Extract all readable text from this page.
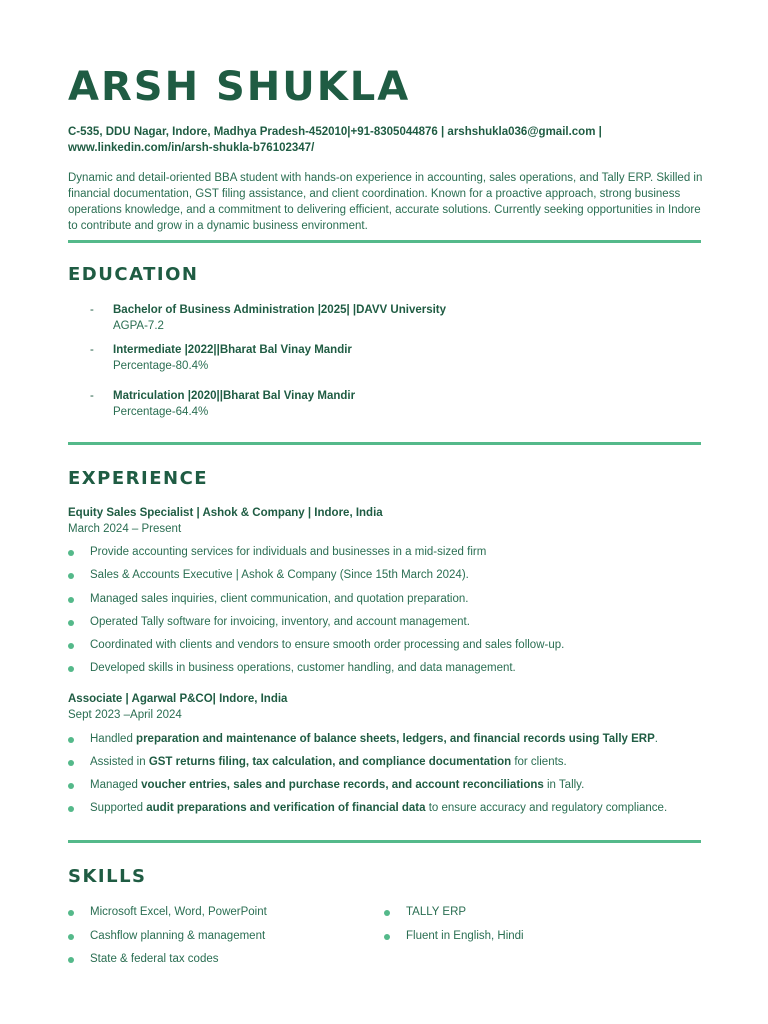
ARSH SHUKLA
C-535, DDU Nagar, Indore, Madhya Pradesh-452010|+91-8305044876 | arshshukla036@gmail.com |
www.linkedin.com/in/arsh-shukla-b76102347/
Dynamic and detail-oriented BBA student with hands-on experience in accounting, sales operations, and Tally ERP. Skilled in financial documentation, GST filing assistance, and client coordination. Known for a proactive approach, strong business operations knowledge, and a commitment to delivering efficient, accurate solutions. Currently seeking opportunities in Indore to contribute and grow in a dynamic business environment.
EDUCATION
- Bachelor of Business Administration |2025| |DAVV University
AGPA-7.2
- Intermediate |2022||Bharat Bal Vinay Mandir
Percentage-80.4%
- Matriculation |2020||Bharat Bal Vinay Mandir
Percentage-64.4%
EXPERIENCE
Equity Sales Specialist | Ashok & Company | Indore, India
March 2024 – Present
Provide accounting services for individuals and businesses in a mid-sized firm
Sales & Accounts Executive | Ashok & Company (Since 15th March 2024).
Managed sales inquiries, client communication, and quotation preparation.
Operated Tally software for invoicing, inventory, and account management.
Coordinated with clients and vendors to ensure smooth order processing and sales follow-up.
Developed skills in business operations, customer handling, and data management.
Associate | Agarwal P&CO| Indore, India
Sept 2023 –April 2024
Handled preparation and maintenance of balance sheets, ledgers, and financial records using Tally ERP.
Assisted in GST returns filing, tax calculation, and compliance documentation for clients.
Managed voucher entries, sales and purchase records, and account reconciliations in Tally.
Supported audit preparations and verification of financial data to ensure accuracy and regulatory compliance.
SKILLS
Microsoft Excel, Word, PowerPoint
Cashflow planning & management
State & federal tax codes
TALLY ERP
Fluent in English, Hindi
